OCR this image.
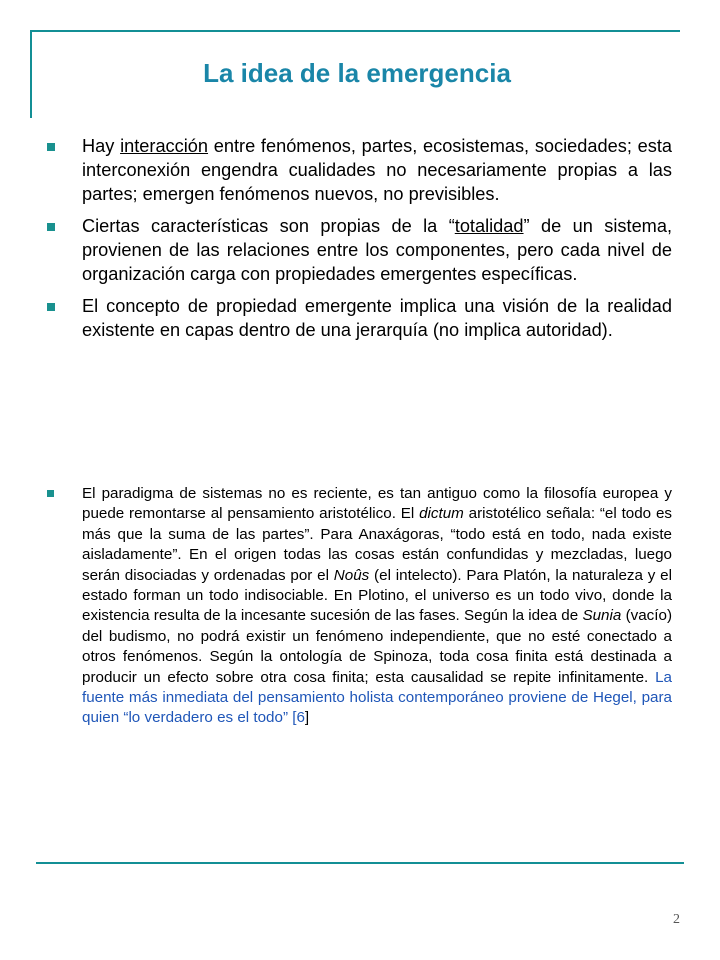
La idea de la emergencia
Hay interacción entre fenómenos, partes, ecosistemas, sociedades; esta interconexión engendra cualidades no necesariamente propias a las partes; emergen fenómenos nuevos, no previsibles.
Ciertas características son propias de la “totalidad” de un sistema, provienen de las relaciones entre los componentes, pero cada nivel de organización carga con propiedades emergentes específicas.
El concepto de propiedad emergente implica una visión de la realidad existente en capas dentro de una jerarquía (no implica autoridad).
El paradigma de sistemas no es reciente, es tan antiguo como la filosofía europea y puede remontarse al pensamiento aristotélico. El dictum aristotélico señala: “el todo es más que la suma de las partes”. Para Anaxágoras, “todo está en todo, nada existe aisladamente”. En el origen todas las cosas están confundidas y mezcladas, luego serán disociadas y ordenadas por el Noûs (el intelecto). Para Platón, la naturaleza y el estado forman un todo indisociable. En Plotino, el universo es un todo vivo, donde la existencia resulta de la incesante sucesión de las fases. Según la idea de Sunia (vacío) del budismo, no podrá existir un fenómeno independiente, que no esté conectado a otros fenómenos. Según la ontología de Spinoza, toda cosa finita está destinada a producir un efecto sobre otra cosa finita; esta causalidad se repite infinitamente. La fuente más inmediata del pensamiento holista contemporáneo proviene de Hegel, para quien “lo verdadero es el todo” [6]
2
